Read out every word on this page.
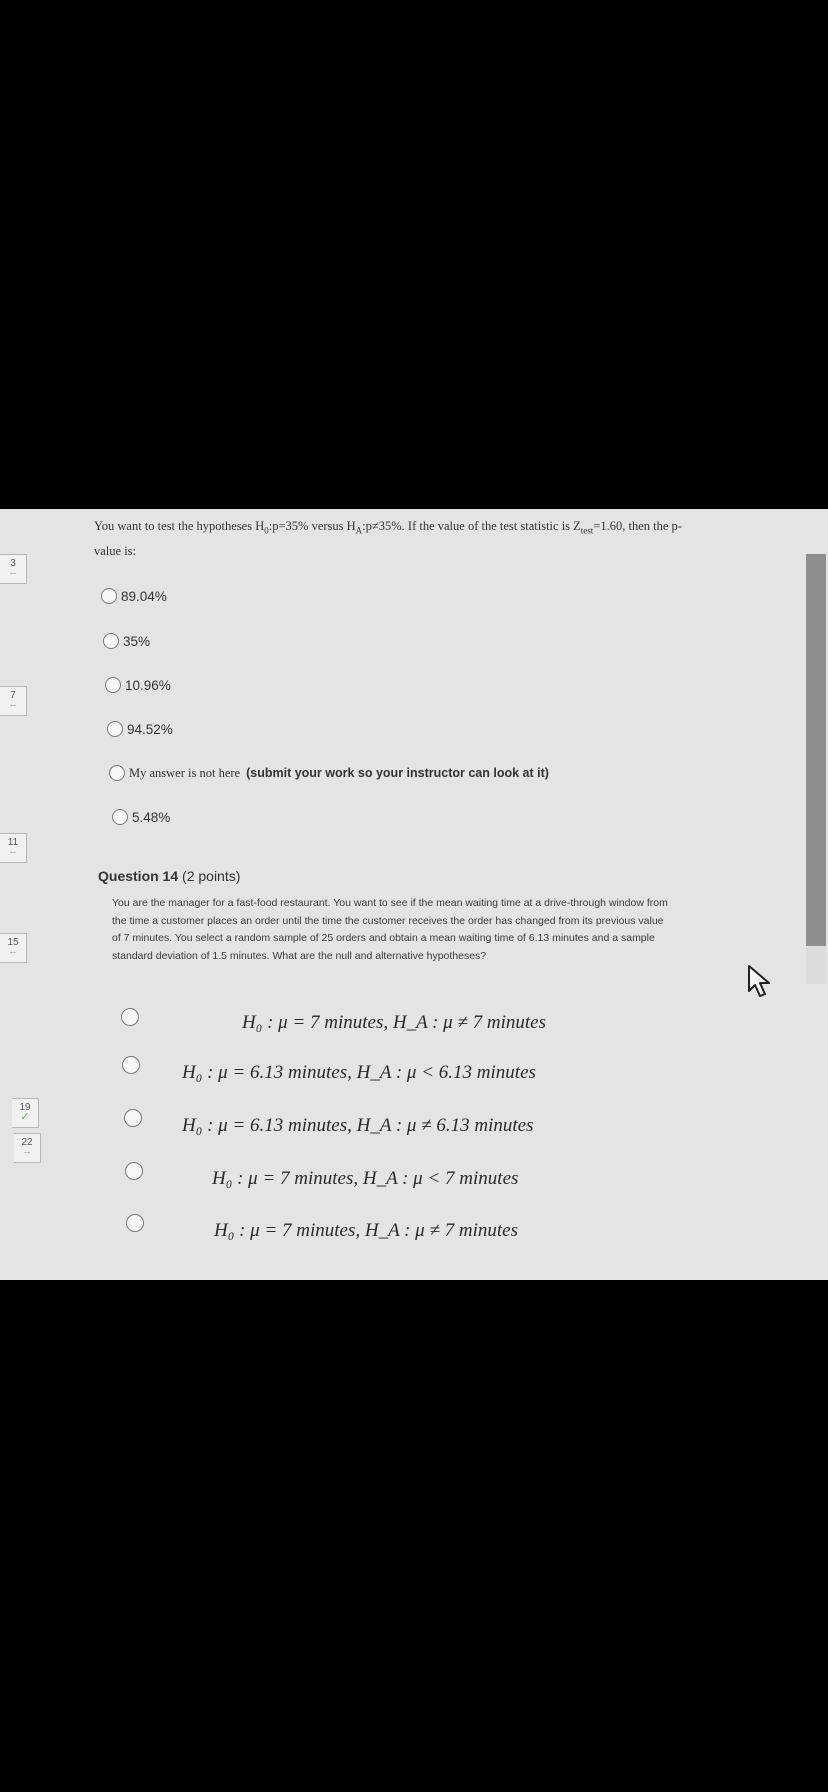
3
--
7
--
11
--
15
--
19
✓
22
--
You want to test the hypotheses $H_0:p=35\%$ versus $H_A:p\ne 35\%$. If the value of the test statistic is $Z_{test}=1.60$, then the p-value is:
89.04%
35%
10.96%
94.52%
My answer is not here (submit your work so your instructor can look at it)
5.48%
Question 14 (2 points)
You are the manager for a fast-food restaurant. You want to see if the mean waiting time at a drive-through window from the time a customer places an order until the time the customer receives the order has changed from its previous value of 7 minutes. You select a random sample of 25 orders and obtain a mean waiting time of 6.13 minutes and a sample standard deviation of 1.5 minutes. What are the null and alternative hypotheses?
H₀ : μ = 7 minutes, H_A : μ ≠ 7 minutes
H₀ : μ = 6.13 minutes, H_A : μ < 6.13 minutes
H₀ : μ = 6.13 minutes, H_A : μ ≠ 6.13 minutes
H₀ : μ = 7 minutes, H_A : μ < 7 minutes
H₀ : μ = 7 minutes, H_A : μ ≠ 7 minutes
